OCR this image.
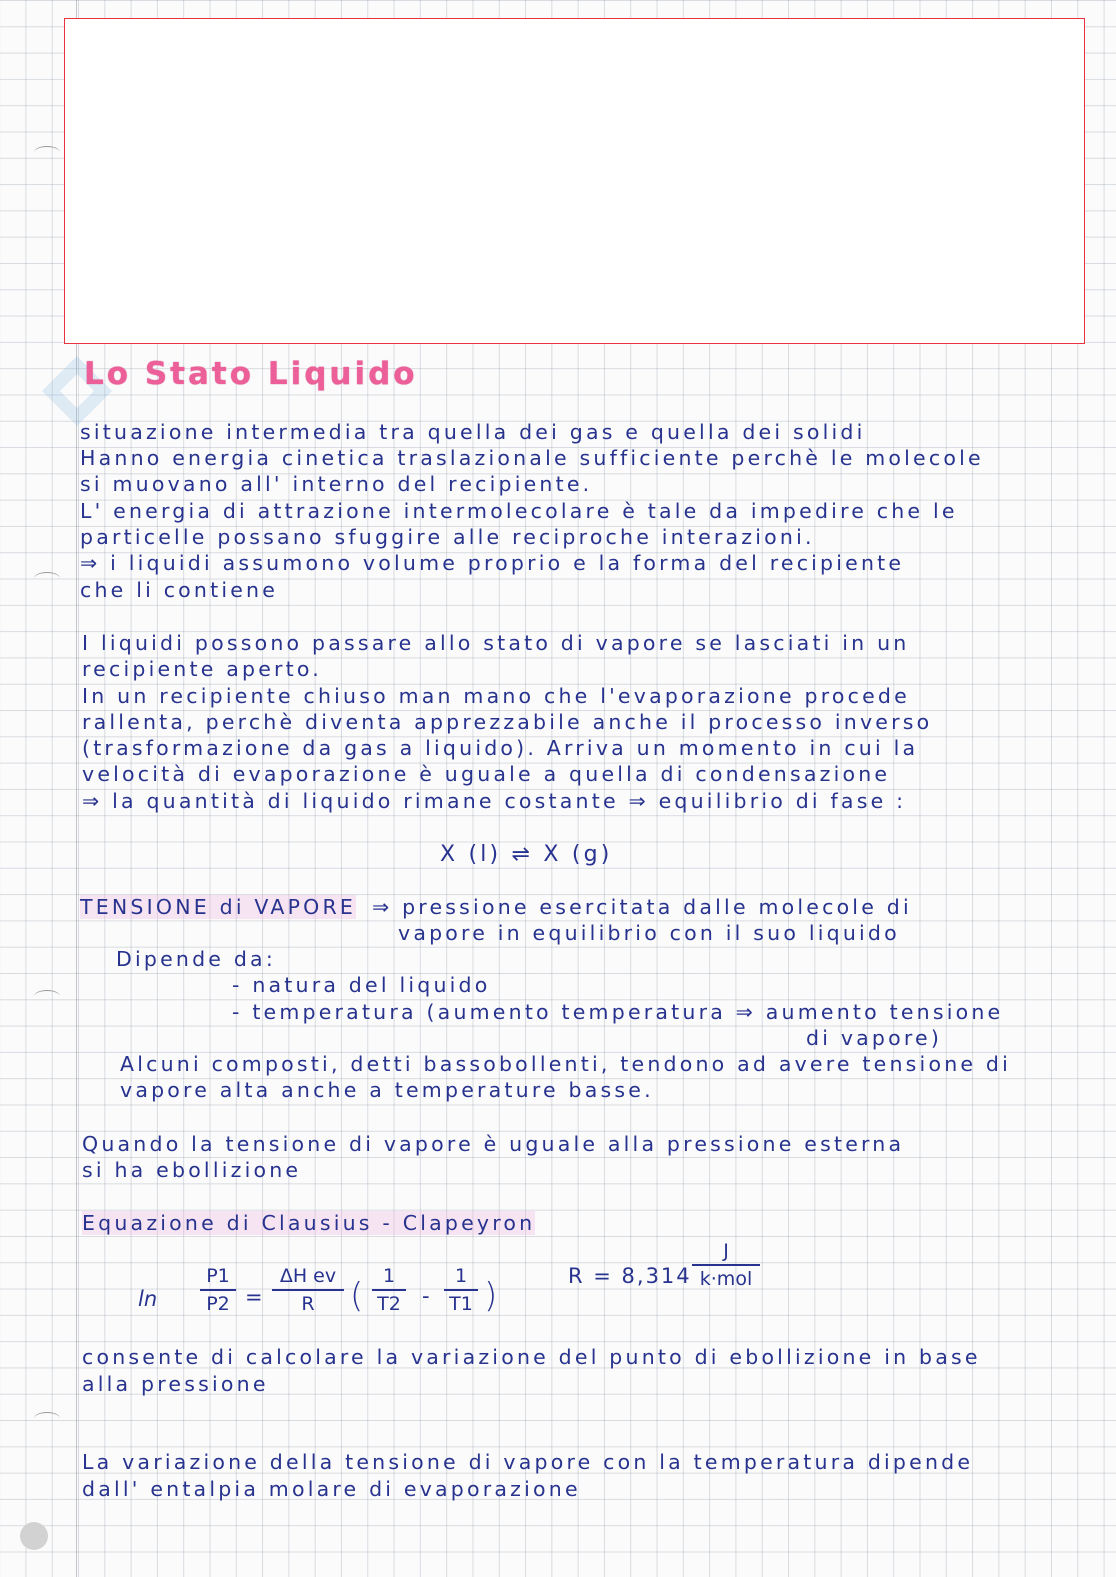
Lo Stato Liquido

situazione intermedia tra quella dei gas e quella dei solidi

Hanno energia cinetica traslazionale sufficiente perchè le molecole

si muovano all' interno del recipiente.

L' energia di attrazione intermolecolare è tale da impedire che le

particelle possano sfuggire alle reciproche interazioni.

⇒ i liquidi assumono volume proprio e la forma del recipiente

che li contiene

I liquidi possono passare allo stato di vapore se lasciati in un

recipiente aperto.

In un recipiente chiuso man mano che l'evaporazione procede

rallenta, perchè diventa apprezzabile anche il processo inverso

(trasformazione da gas a liquido). Arriva un momento in cui la

velocità di evaporazione è uguale a quella di condensazione

⇒ la quantità di liquido rimane costante ⇒ equilibrio di fase :

X (l) ⇌ X (g)

TENSIONE di VAPORE ⇒ pressione esercitata dalle molecole di

vapore in equilibrio con il suo liquido

Dipende da:

- natura del liquido

- temperatura (aumento temperatura ⇒ aumento tensione

di vapore)

Alcuni composti, detti bassobollenti, tendono ad avere tensione di

vapore alta anche a temperature basse.

Quando la tensione di vapore è uguale alla pressione esterna

si ha ebollizione

Equazione di Clausius - Clapeyron

ln
P1
P2 =
ΔH ev
R	(	1
T2 -
1
T1 )	R = 8,314
J
k·mol

consente di calcolare la variazione del punto di ebollizione in base

alla pressione

La variazione della tensione di vapore con la temperatura dipende

dall' entalpia molare di evaporazione
